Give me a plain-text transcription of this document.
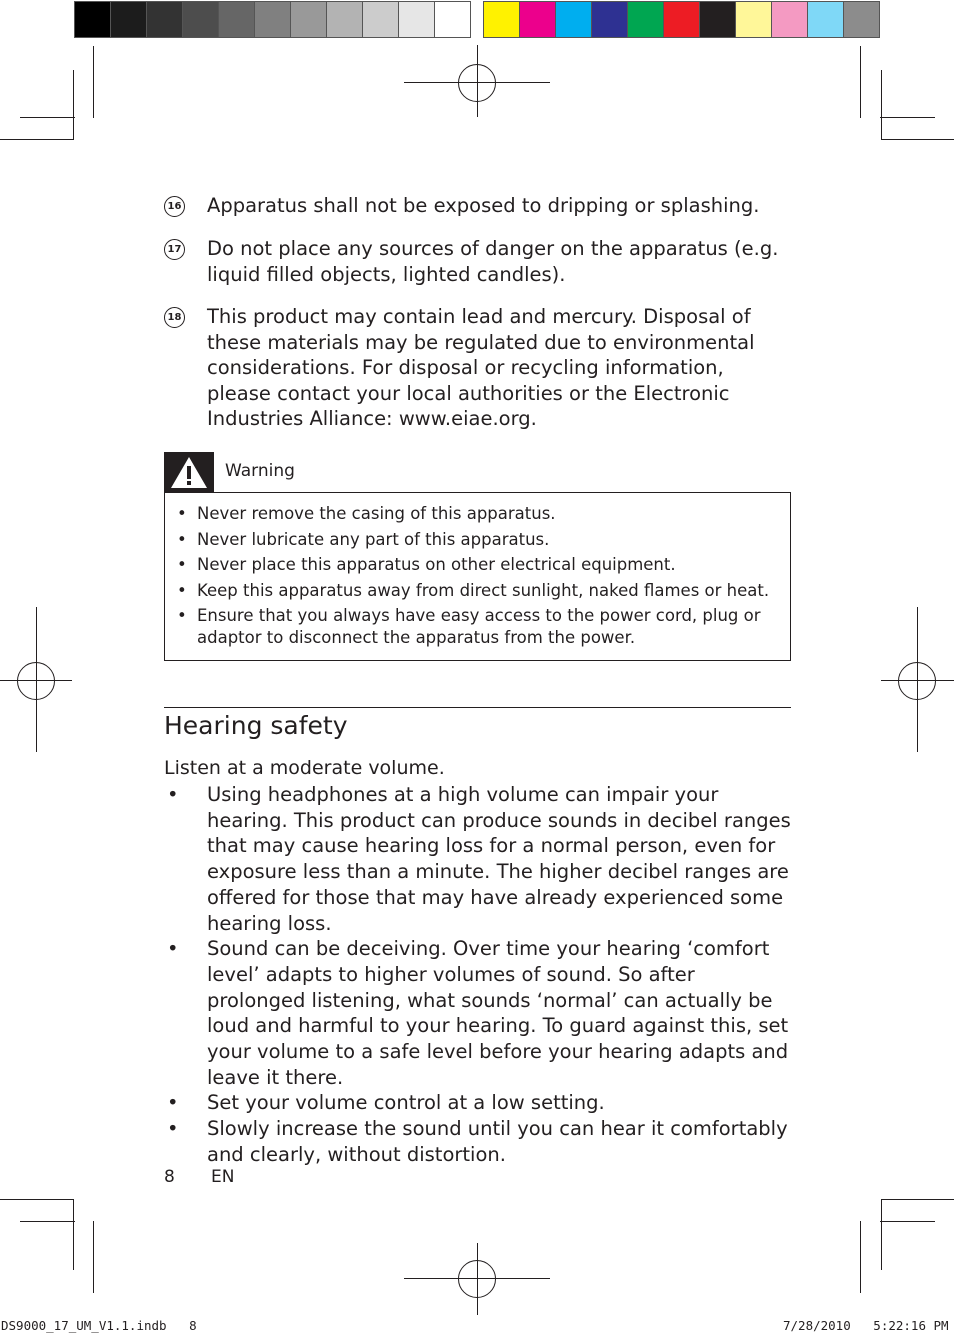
16 Apparatus shall not be exposed to dripping or splashing.
17 Do not place any sources of danger on the apparatus (e.g. liquid filled objects, lighted candles).
18 This product may contain lead and mercury. Disposal of these materials may be regulated due to environmental considerations. For disposal or recycling information, please contact your local authorities or the Electronic Industries Alliance: www.eiae.org.
Warning
• Never remove the casing of this apparatus.
• Never lubricate any part of this apparatus.
• Never place this apparatus on other electrical equipment.
• Keep this apparatus away from direct sunlight, naked flames or heat.
• Ensure that you always have easy access to the power cord, plug or adaptor to disconnect the apparatus from the power.
Hearing safety
Listen at a moderate volume.
• Using headphones at a high volume can impair your hearing. This product can produce sounds in decibel ranges that may cause hearing loss for a normal person, even for exposure less than a minute. The higher decibel ranges are offered for those that may have already experienced some hearing loss.
• Sound can be deceiving. Over time your hearing ‘comfort level’ adapts to higher volumes of sound. So after prolonged listening, what sounds ‘normal’ can actually be loud and harmful to your hearing. To guard against this, set your volume to a safe level before your hearing adapts and leave it there.
• Set your volume control at a low setting.
• Slowly increase the sound until you can hear it comfortably and clearly, without distortion.
8 EN
DS9000_17_UM_V1.1.indb   8	7/28/2010   5:22:16 PM
